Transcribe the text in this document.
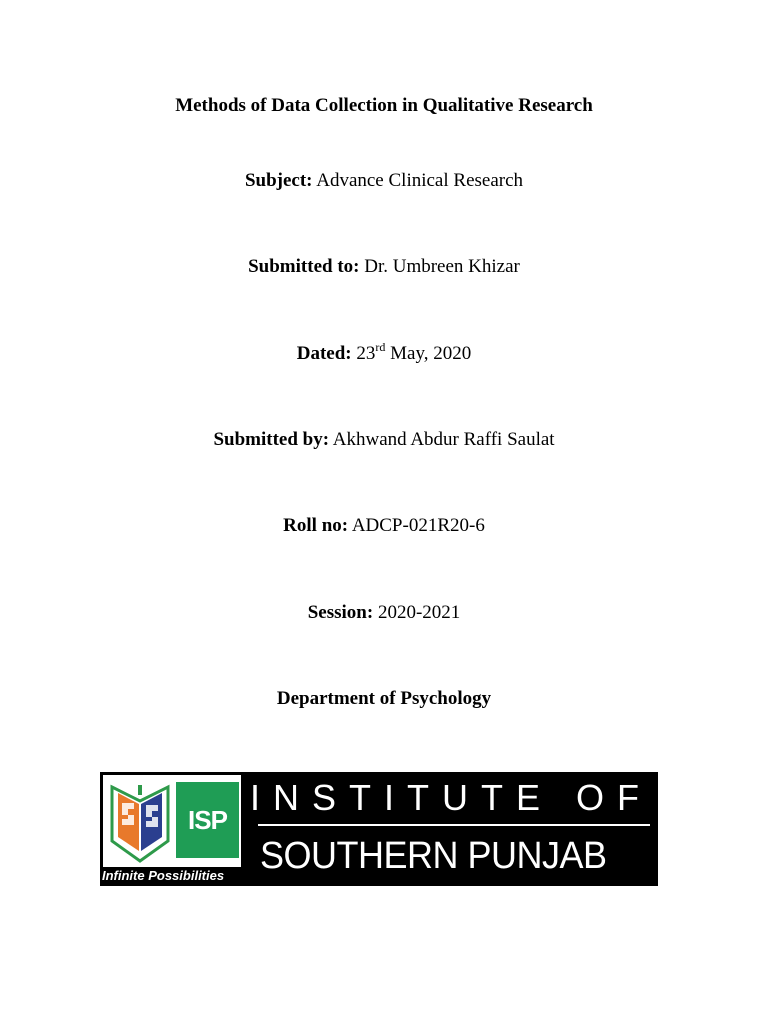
Methods of Data Collection in Qualitative Research
Subject: Advance Clinical Research
Submitted to: Dr. Umbreen Khizar
Dated: 23rd May, 2020
Submitted by: Akhwand Abdur Raffi Saulat
Roll no: ADCP-021R20-6
Session: 2020-2021
Department of Psychology
ISP
Infinite Possibilities
INSTITUTE OF
SOUTHERN PUNJAB
